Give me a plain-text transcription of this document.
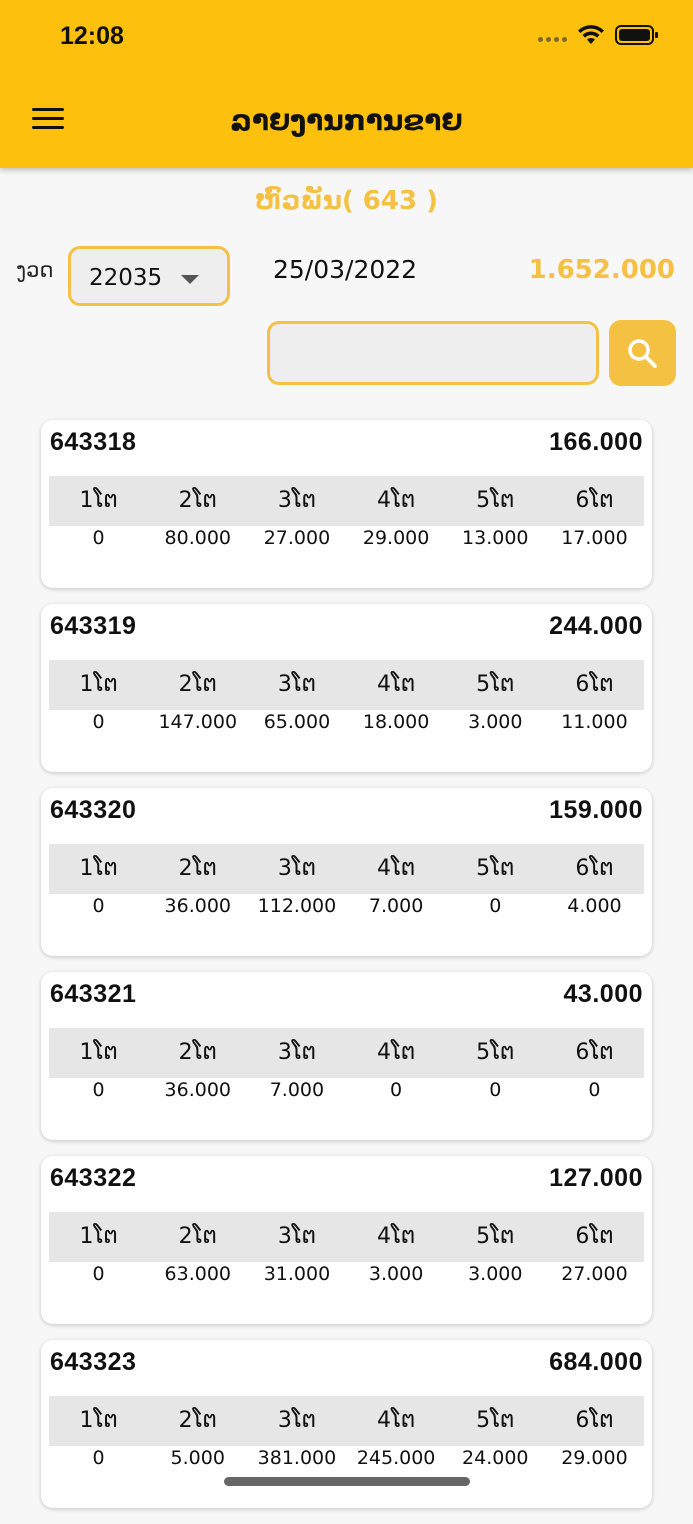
12:08
ລາຍງານການຂາຍ
ຫົວພັນ( 643 )
ງວດ 22035	25/03/2022	1.652.000
643318	166.000
1ໂຕ	2ໂຕ	3ໂຕ	4ໂຕ	5ໂຕ	6ໂຕ
0	80.000	27.000	29.000	13.000	17.000
643319	244.000
1ໂຕ	2ໂຕ	3ໂຕ	4ໂຕ	5ໂຕ	6ໂຕ
0	147.000	65.000	18.000	3.000	11.000
643320	159.000
1ໂຕ	2ໂຕ	3ໂຕ	4ໂຕ	5ໂຕ	6ໂຕ
0	36.000	112.000	7.000	0	4.000
643321	43.000
1ໂຕ	2ໂຕ	3ໂຕ	4ໂຕ	5ໂຕ	6ໂຕ
0	36.000	7.000	0	0	0
643322	127.000
1ໂຕ	2ໂຕ	3ໂຕ	4ໂຕ	5ໂຕ	6ໂຕ
0	63.000	31.000	3.000	3.000	27.000
643323	684.000
1ໂຕ	2ໂຕ	3ໂຕ	4ໂຕ	5ໂຕ	6ໂຕ
0	5.000	381.000	245.000	24.000	29.000
